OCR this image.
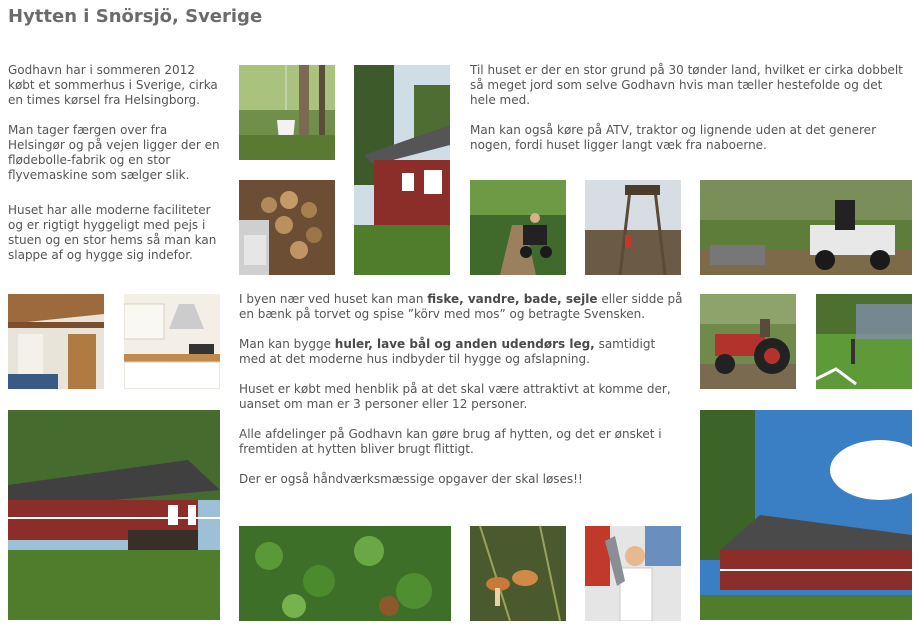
Hytten i Snörsjö, Sverige

Godhavn har i sommeren 2012 købt et sommerhus i Sverige, cirka en times kørsel fra Helsingborg.

Man tager færgen over fra Helsingør og på vejen ligger der en flødebolle-fabrik og en stor flyvemaskine som sælger slik.

Huset har alle moderne faciliteter og er rigtigt hyggeligt med pejs i stuen og en stor hems så man kan slappe af og hygge sig indefor.

Til huset er der en stor grund på 30 tønder land, hvilket er cirka dobbelt så meget jord som selve Godhavn hvis man tæller hestefolde og det hele med.

Man kan også køre på ATV, traktor og lignende uden at det generer nogen, fordi huset ligger langt væk fra naboerne.

I byen nær ved huset kan man fiske, vandre, bade, sejle eller sidde på en bænk på torvet og spise ”körv med mos” og betragte Svensken.

Man kan bygge huler, lave bål og anden udendørs leg, samtidigt med at det moderne hus indbyder til hygge og afslapning.

Huset er købt med henblik på at det skal være attraktivt at komme der, uanset om man er 3 personer eller 12 personer.

Alle afdelinger på Godhavn kan gøre brug af hytten, og det er ønsket i fremtiden at hytten bliver brugt flittigt.

Der er også håndværksmæssige opgaver der skal løses!!
